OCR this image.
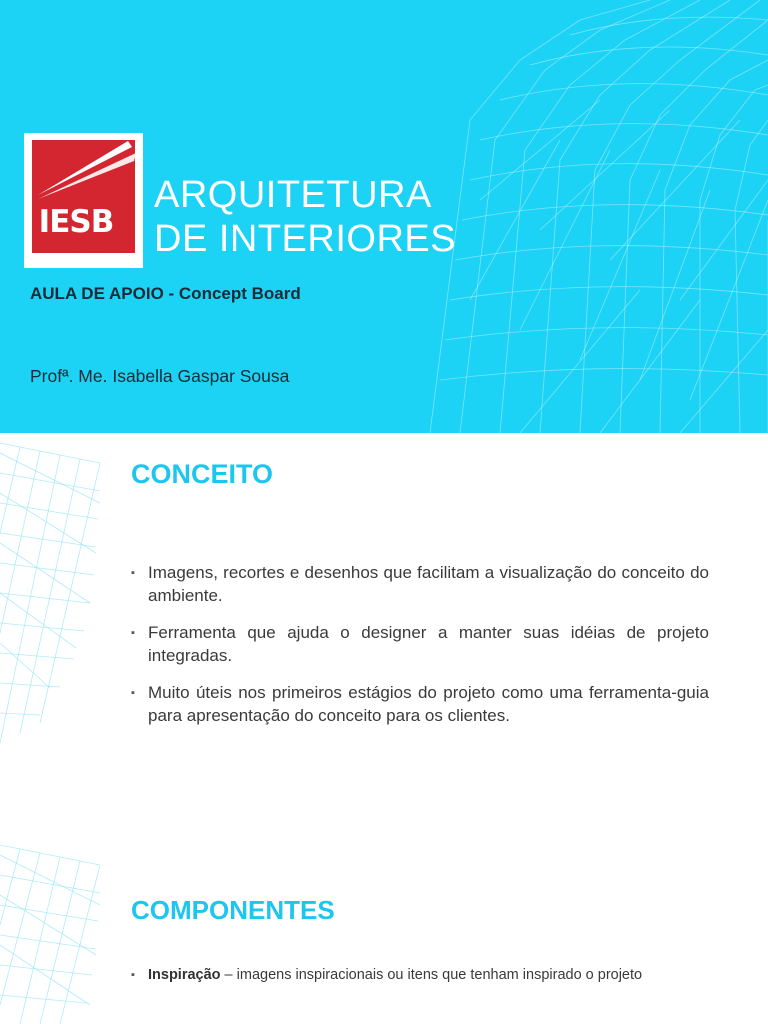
IESB
Centro Universitário
ARQUITETURA
DE INTERIORES
AULA DE APOIO - Concept Board
Profª. Me. Isabella Gaspar Sousa
CONCEITO
▪ Imagens, recortes e desenhos que facilitam a visualização do conceito do ambiente.
▪ Ferramenta que ajuda o designer a manter suas idéias de projeto integradas.
▪ Muito úteis nos primeiros estágios do projeto como uma ferramenta-guia para apresentação do conceito para os clientes.
COMPONENTES
▪ Inspiração – imagens inspiracionais ou itens que tenham inspirado o projeto
